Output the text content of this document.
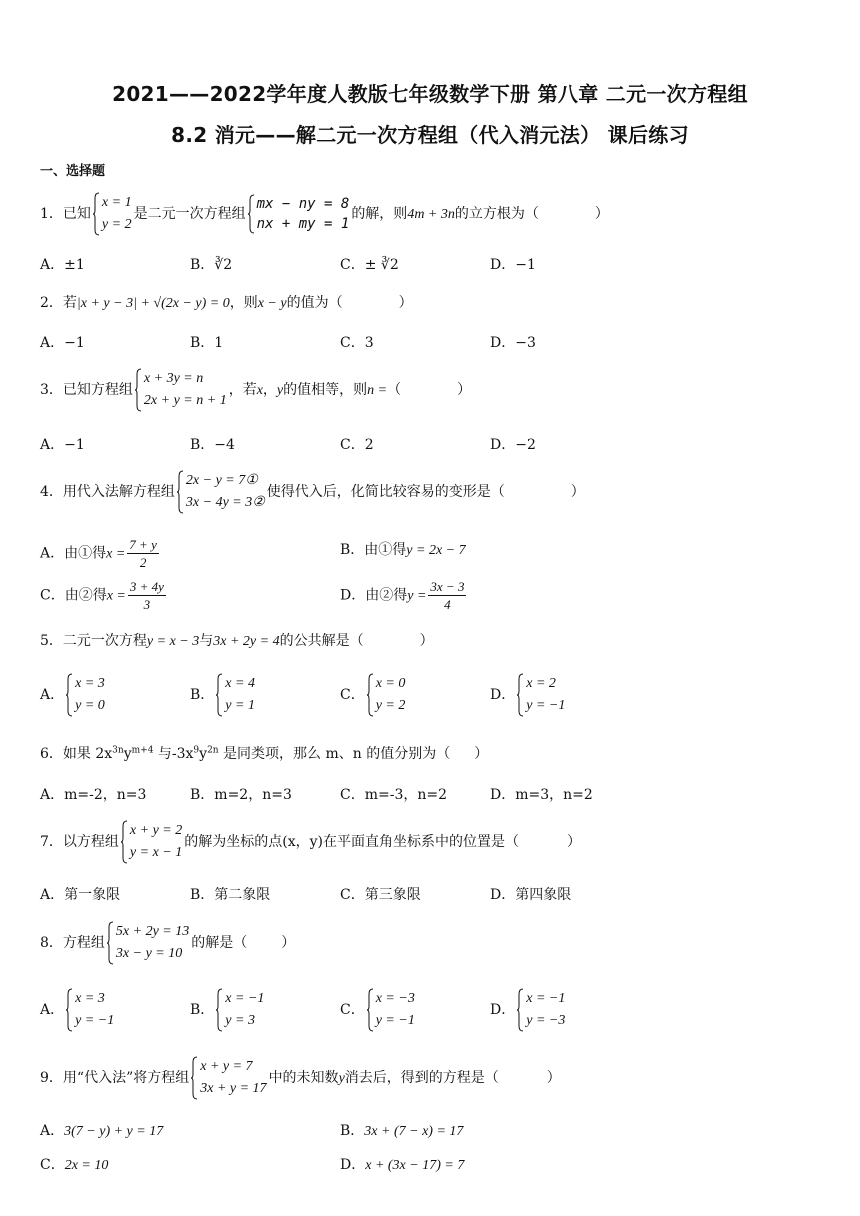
2021——2022学年度人教版七年级数学下册 第八章 二元一次方程组
8.2 消元——解二元一次方程组（代入消元法） 课后练习
一、选择题
1．已知
x = 1
y = 2
是二元一次方程组
mx − ny = 8
nx + my = 1
的解，则4m + 3n的立方根为（	）
A．±1	B．∛2	C．± ∛2	D．−1
2．若|x + y − 3| + √(2x − y) = 0，则x − y的值为（	）
A．−1	B．1	C．3	D．−3
3．已知方程组
x + 3y = n
2x + y = n + 1
，若x，y的值相等，则n =（	）
A．−1	B．−4	C．2	D．−2
4．用代入法解方程组
2x − y = 7①
3x − 4y = 3②
使得代入后，化简比较容易的变形是（	）
A．由①得$x = \frac{7 + y}{2}$	B．由①得y = 2x − 7
C．由②得$x = \frac{3 + 4y}{3}$	D．由②得$y = \frac{3x - 3}{4}$
5．二元一次方程y = x − 3与3x + 2y = 4的公共解是（	）
A．
x = 3
y = 0
B．
x = 4
y = 1
C．
x = 0
y = 2
D．
x = 2
y = −1
6．如果 $2x^{3n}y^{m+4}$ 与$-3x^9y^{2n}$ 是同类项，那么 m、n 的值分别为（ ）
A．m=-2，n=3	B．m=2，n=3	C．m=-3，n=2	D．m=3，n=2
7．以方程组
x + y = 2
y = x − 1
的解为坐标的点(x，y)在平面直角坐标系中的位置是（	）
A．第一象限	B．第二象限	C．第三象限	D．第四象限
8．方程组
5x + 2y = 13
3x − y = 10
的解是（ ）
A．
x = 3
y = −1
B．
x = −1
y = 3
C．
x = −3
y = −1
D．
x = −1
y = −3
9．用“代入法”将方程组
x + y = 7
3x + y = 17
中的未知数y消去后，得到的方程是（	）
A．3(7 − y) + y = 17	B．3x + (7 − x) = 17
C．2x = 10	D．x + (3x − 17) = 7
